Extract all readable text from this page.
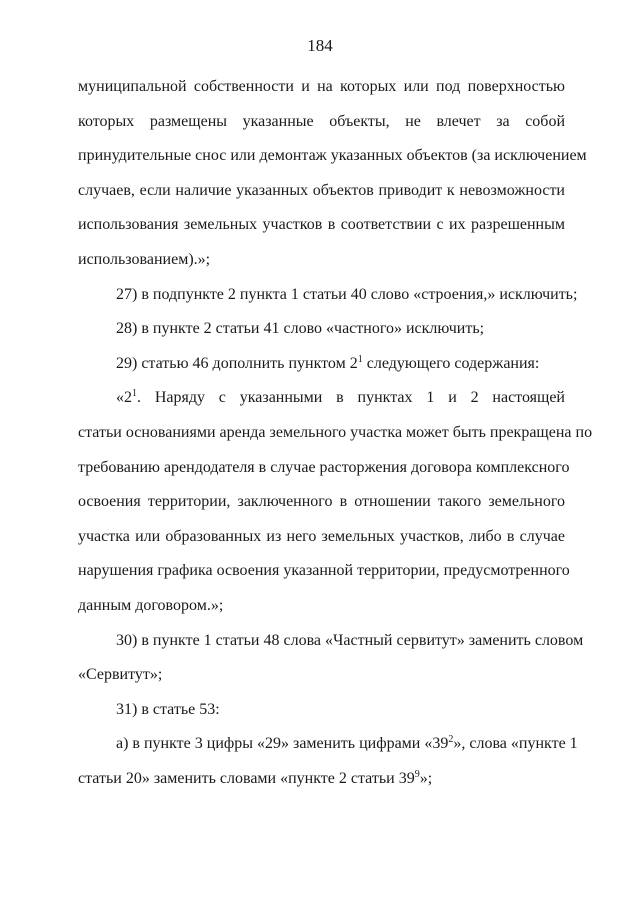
184
муниципальной собственности и на которых или под поверхностью
которых размещены указанные объекты, не влечет за собой
принудительные снос или демонтаж указанных объектов (за исключением
случаев, если наличие указанных объектов приводит к невозможности
использования земельных участков в соответствии с их разрешенным
использованием).»;
27) в подпункте 2 пункта 1 статьи 40 слово «строения,» исключить;
28) в пункте 2 статьи 41 слово «частного» исключить;
29) статью 46 дополнить пунктом $2^1$ следующего содержания:
«$2^1$. Наряду с указанными в пунктах 1 и 2 настоящей
статьи основаниями аренда земельного участка может быть прекращена по
требованию арендодателя в случае расторжения договора комплексного
освоения территории, заключенного в отношении такого земельного
участка или образованных из него земельных участков, либо в случае
нарушения графика освоения указанной территории, предусмотренного
данным договором.»;
30) в пункте 1 статьи 48 слова «Частный сервитут» заменить словом
«Сервитут»;
31) в статье 53:
а) в пункте 3 цифры «29» заменить цифрами «$39^2$», слова «пункте 1
статьи 20» заменить словами «пункте 2 статьи $39^9$»;
